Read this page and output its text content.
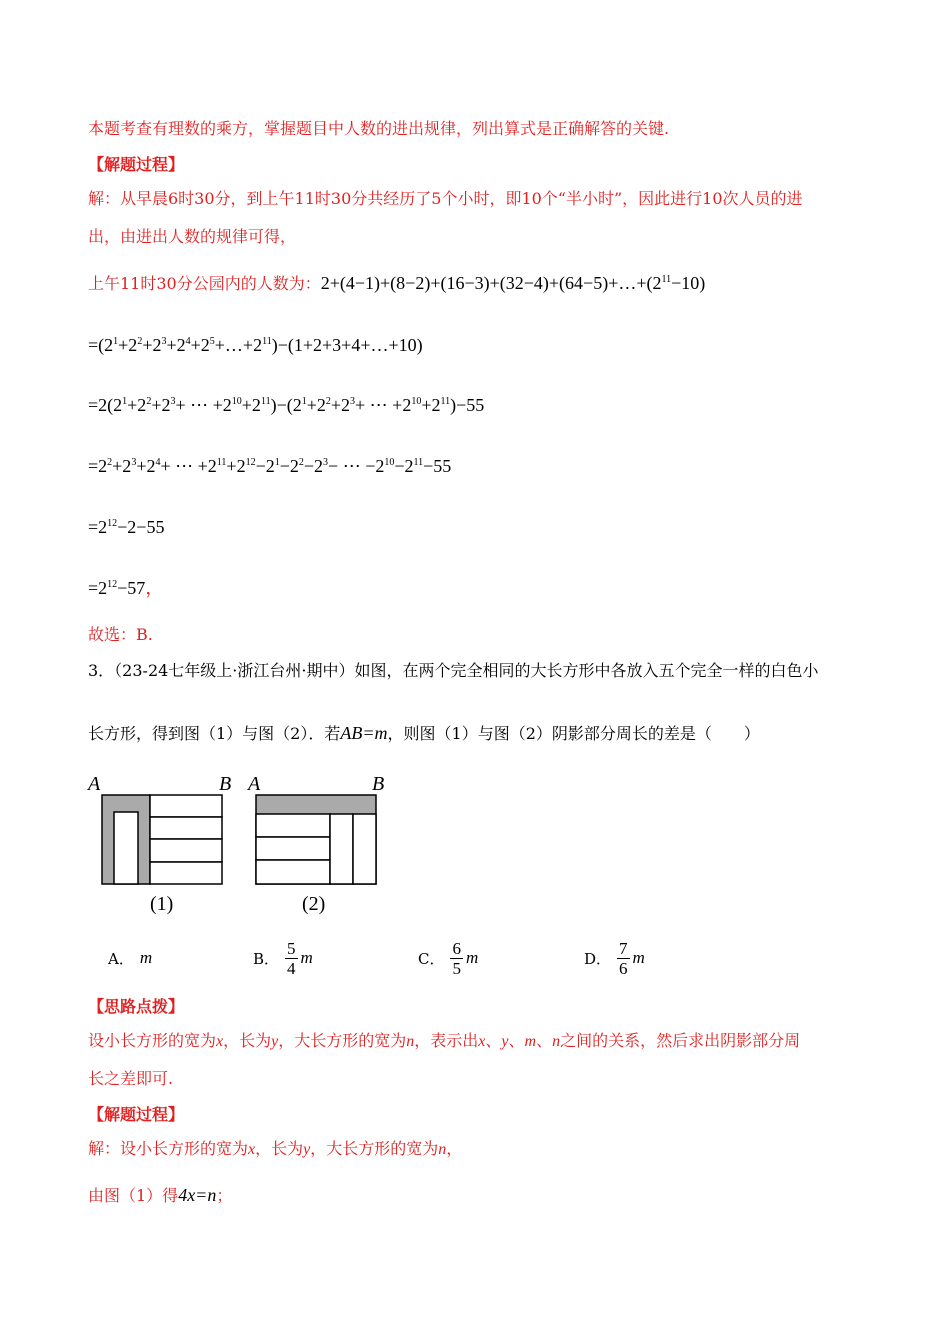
本题考查有理数的乘方，掌握题目中人数的进出规律，列出算式是正确解答的关键.
【解题过程】
解：从早晨6时30分，到上午11时30分共经历了5个小时，即10个“半小时”，因此进行10次人员的进
出，由进出人数的规律可得，
上午11时30分公园内的人数为：$2+(4-1)+(8-2)+(16-3)+(32-4)+(64-5)+\dots+(2^{11}-10)$
$=(2^1+2^2+2^3+2^4+2^5+\dots+2^{11})-(1+2+3+4+\dots+10)$
$=2(2^1+2^2+2^3+$ ⋯ $+2^{10}+2^{11})-(2^1+2^2+2^3+$ ⋯ $+2^{10}+2^{11})-55$
$=2^2+2^3+2^4+$ ⋯ $+2^{11}+2^{12}-2^1-2^2-2^3-$ ⋯ $-2^{10}-2^{11}-55$
$=2^{12}-2-55$
$=2^{12}-57$，
故选：B.
3．（23-24七年级上·浙江台州·期中）如图，在两个完全相同的大长方形中各放入五个完全一样的白色小
长方形，得到图（1）与图（2）．若AB=m，则图（1）与图（2）阴影部分周长的差是（　　）
A	B
(1)
A	B
(2)
A． m	B． $\frac{5}{4}$ m	C． $\frac{6}{5}$ m	D． $\frac{7}{6}$ m
【思路点拨】
设小长方形的宽为x，长为y，大长方形的宽为n，表示出x、y、m、n之间的关系，然后求出阴影部分周
长之差即可.
【解题过程】
解：设小长方形的宽为x，长为y，大长方形的宽为n，
由图（1）得4x=n；
